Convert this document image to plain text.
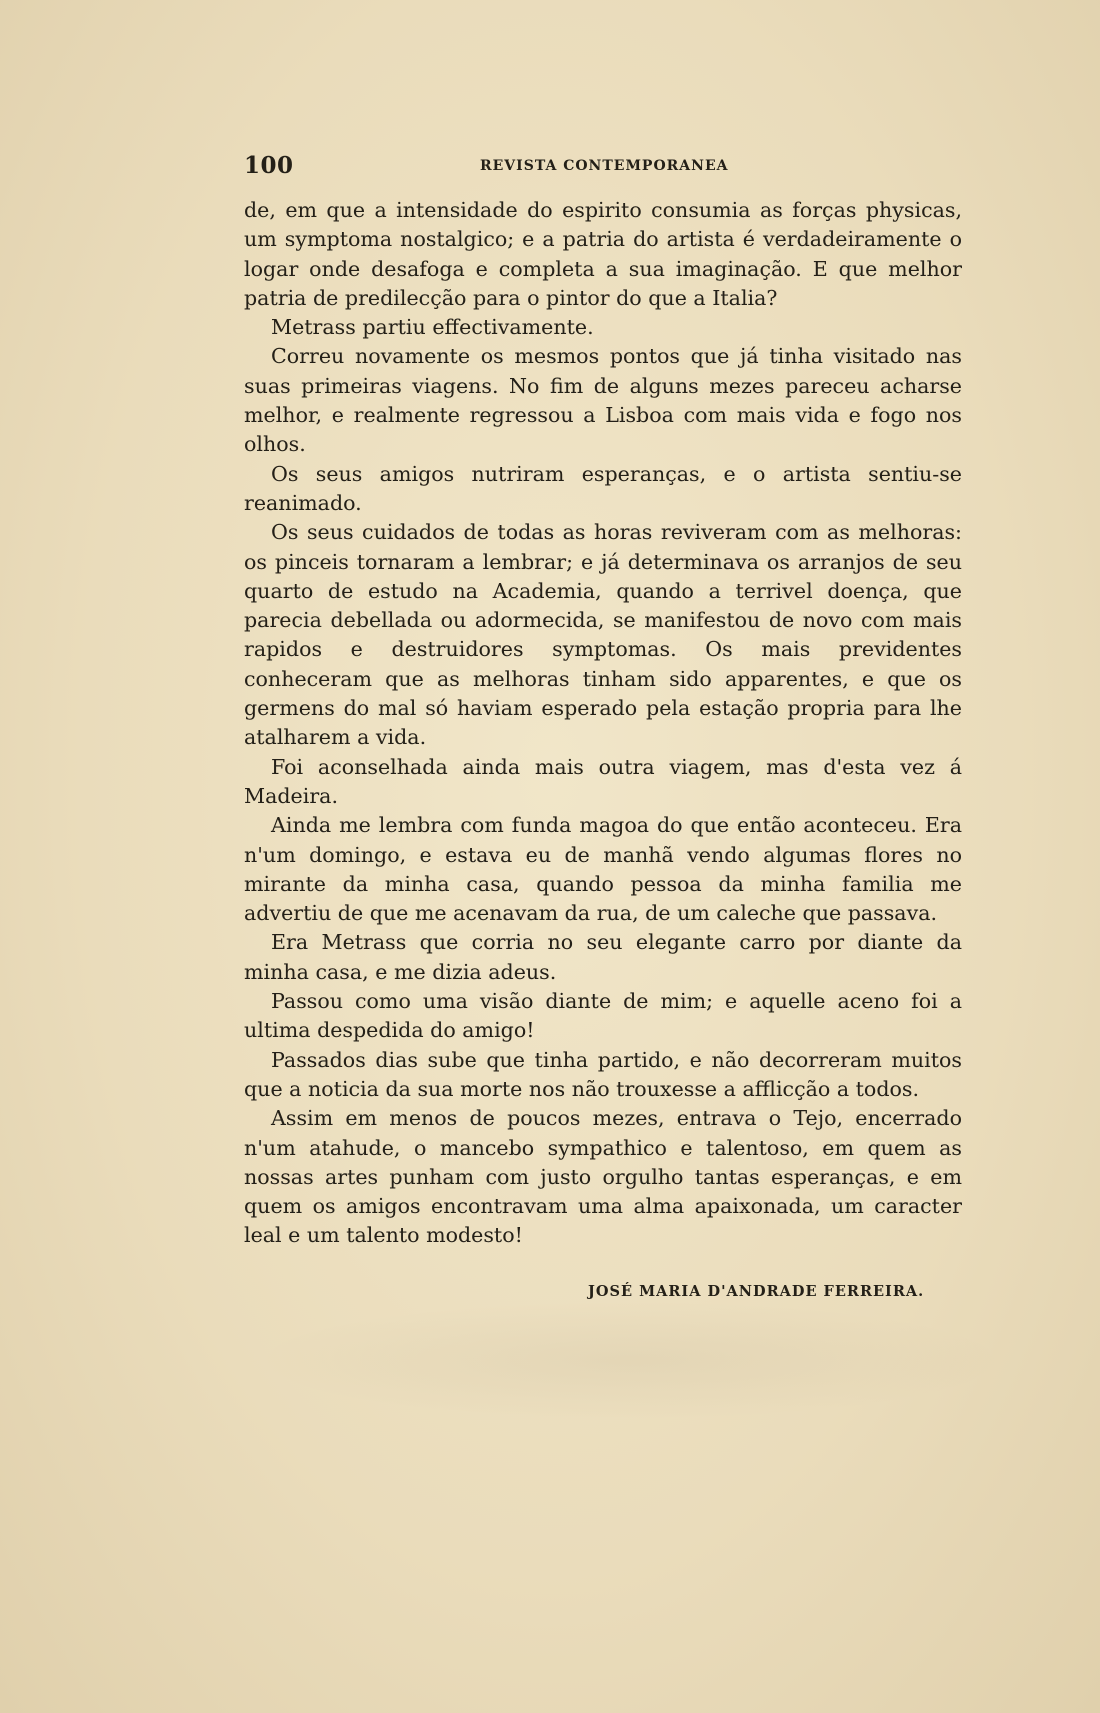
100	REVISTA CONTEMPORANEA

de, em que a intensidade do espirito consumia as forças physicas, um symptoma nostalgico; e a patria do artista é verdadeiramente o logar onde desafoga e completa a sua imaginação. E que melhor patria de predilecção para o pintor do que a Italia?

Metrass partiu effectivamente.

Correu novamente os mesmos pontos que já tinha visitado nas suas primeiras viagens. No fim de alguns mezes pareceu acharse melhor, e realmente regressou a Lisboa com mais vida e fogo nos olhos.

Os seus amigos nutriram esperanças, e o artista sentiu-se reanimado.

Os seus cuidados de todas as horas reviveram com as melhoras: os pinceis tornaram a lembrar; e já determinava os arranjos de seu quarto de estudo na Academia, quando a terrivel doença, que parecia debellada ou adormecida, se manifestou de novo com mais rapidos e destruidores symptomas. Os mais previdentes conheceram que as melhoras tinham sido apparentes, e que os germens do mal só haviam esperado pela estação propria para lhe atalharem a vida.

Foi aconselhada ainda mais outra viagem, mas d'esta vez á Madeira.

Ainda me lembra com funda magoa do que então aconteceu. Era n'um domingo, e estava eu de manhã vendo algumas flores no mirante da minha casa, quando pessoa da minha familia me advertiu de que me acenavam da rua, de um caleche que passava.

Era Metrass que corria no seu elegante carro por diante da minha casa, e me dizia adeus.

Passou como uma visão diante de mim; e aquelle aceno foi a ultima despedida do amigo!

Passados dias sube que tinha partido, e não decorreram muitos que a noticia da sua morte nos não trouxesse a afflicção a todos.

Assim em menos de poucos mezes, entrava o Tejo, encerrado n'um atahude, o mancebo sympathico e talentoso, em quem as nossas artes punham com justo orgulho tantas esperanças, e em quem os amigos encontravam uma alma apaixonada, um caracter leal e um talento modesto!

JOSÉ MARIA D'ANDRADE FERREIRA.
